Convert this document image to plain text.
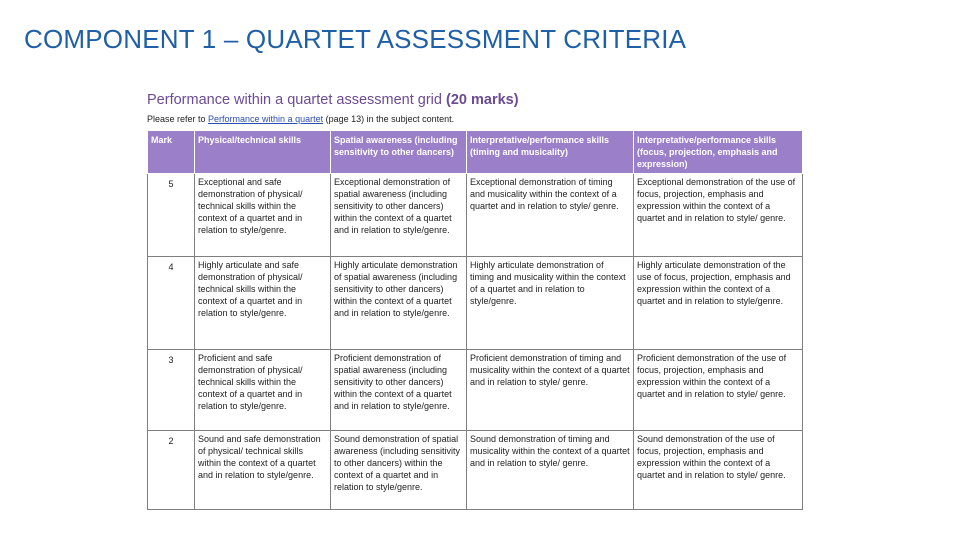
COMPONENT 1 – QUARTET ASSESSMENT CRITERIA

Performance within a quartet assessment grid (20 marks)

Please refer to Performance within a quartet (page 13) in the subject content.

Mark	Physical/technical skills	Spatial awareness (including sensitivity to other dancers)	Interpretative/performance skills (timing and musicality)	Interpretative/performance skills (focus, projection, emphasis and expression)
5	Exceptional and safe demonstration of physical/ technical skills within the context of a quartet and in relation to style/genre.	Exceptional demonstration of spatial awareness (including sensitivity to other dancers) within the context of a quartet and in relation to style/genre.	Exceptional demonstration of timing and musicality within the context of a quartet and in relation to style/ genre.	Exceptional demonstration of the use of focus, projection, emphasis and expression within the context of a quartet and in relation to style/ genre.
4	Highly articulate and safe demonstration of physical/ technical skills within the context of a quartet and in relation to style/genre.	Highly articulate demonstration of spatial awareness (including sensitivity to other dancers) within the context of a quartet and in relation to style/genre.	Highly articulate demonstration of timing and musicality within the context of a quartet and in relation to style/genre.	Highly articulate demonstration of the use of focus, projection, emphasis and expression within the context of a quartet and in relation to style/genre.
3	Proficient and safe demonstration of physical/ technical skills within the context of a quartet and in relation to style/genre.	Proficient demonstration of spatial awareness (including sensitivity to other dancers) within the context of a quartet and in relation to style/genre.	Proficient demonstration of timing and musicality within the context of a quartet and in relation to style/ genre.	Proficient demonstration of the use of focus, projection, emphasis and expression within the context of a quartet and in relation to style/ genre.
2	Sound and safe demonstration of physical/ technical skills within the context of a quartet and in relation to style/genre.	Sound demonstration of spatial awareness (including sensitivity to other dancers) within the context of a quartet and in relation to style/genre.	Sound demonstration of timing and musicality within the context of a quartet and in relation to style/ genre.	Sound demonstration of the use of focus, projection, emphasis and expression within the context of a quartet and in relation to style/ genre.
